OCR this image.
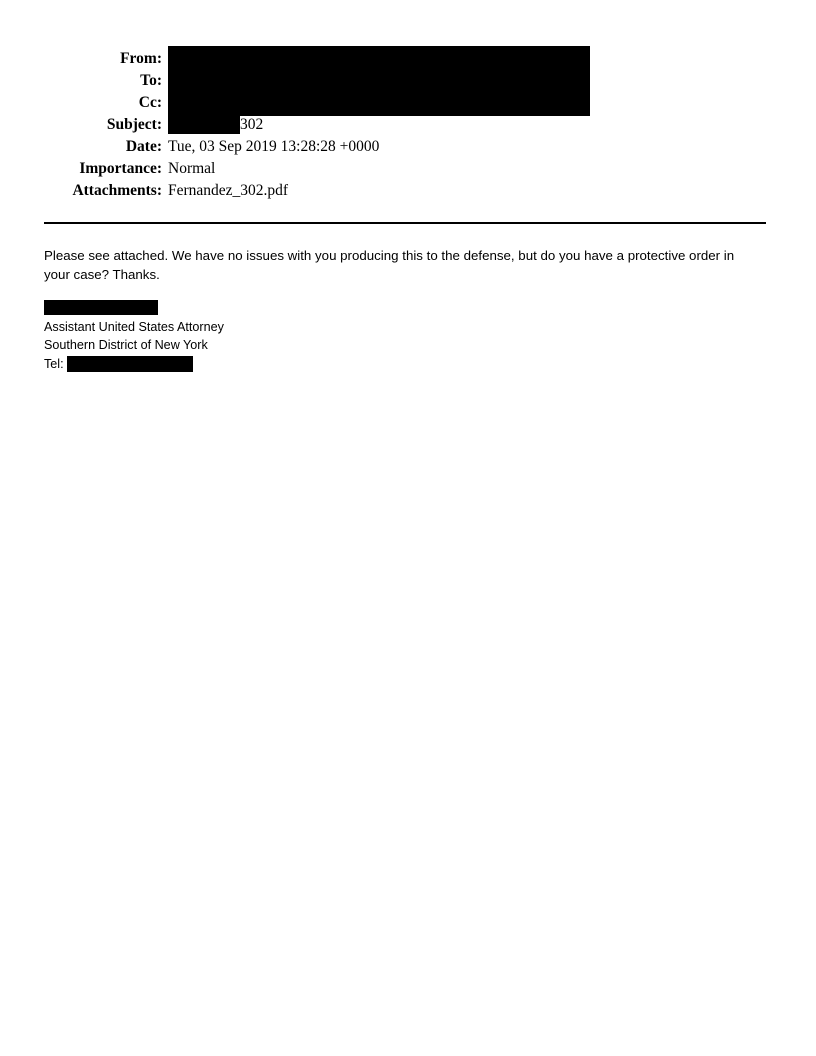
From:
To:
Cc:
Subject:	302
Date: Tue, 03 Sep 2019 13:28:28 +0000
Importance: Normal
Attachments: Fernandez_302.pdf
Please see attached. We have no issues with you producing this to the defense, but do you have a protective order in your case? Thanks.
Assistant United States Attorney
Southern District of New York
Tel:
